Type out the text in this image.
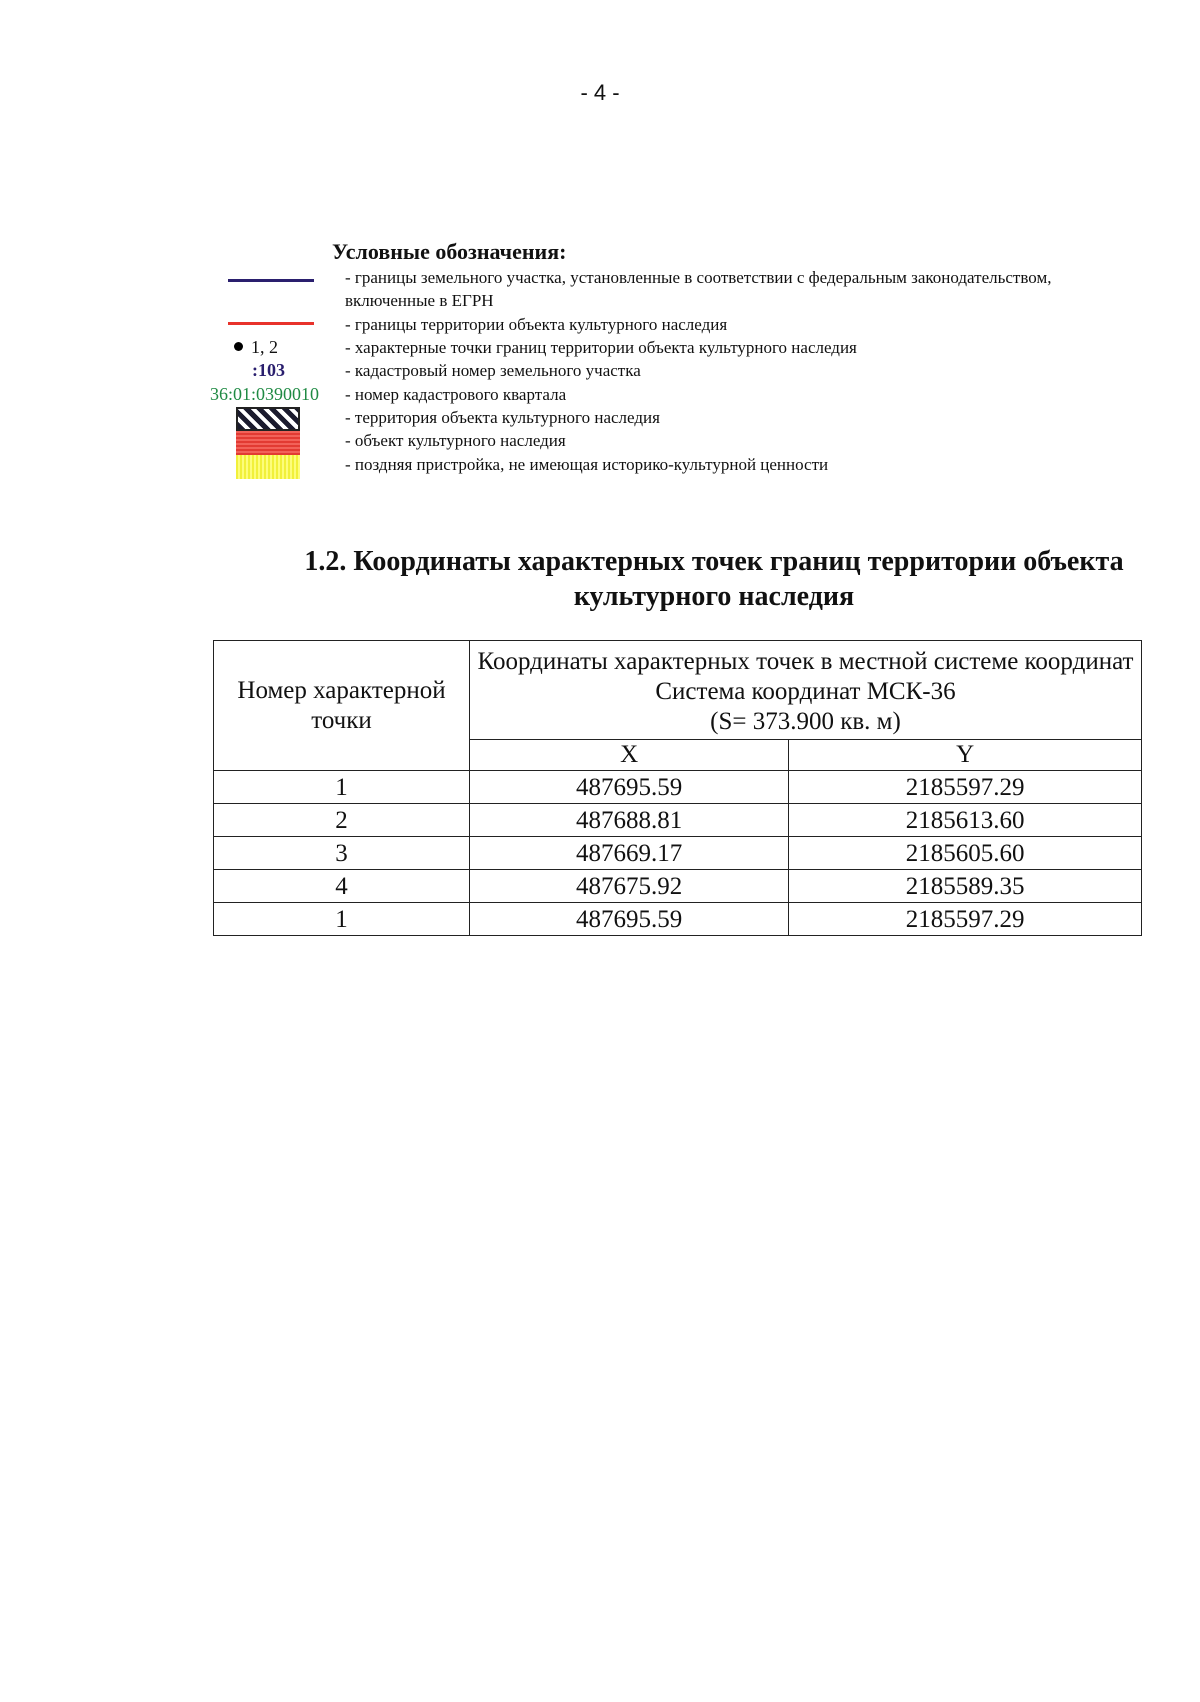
- 4 -
Условные обозначения:
1, 2
:103
36:01:0390010
- границы земельного участка, установленные в соответствии с федеральным законодательством, включенные в ЕГРН
- границы территории объекта культурного наследия
- характерные точки границ территории объекта культурного наследия
- кадастровый номер земельного участка
- номер кадастрового квартала
- территория объекта культурного наследия
- объект культурного наследия
- поздняя пристройка, не имеющая историко-культурной ценности
1.2. Координаты характерных точек границ территории объекта
культурного наследия
Номер характерной точки	Координаты характерных точек в местной системе координат
Система координат МСК-36
(S= 373.900 кв. м)	

	X	Y
1	487695.59	2185597.29
2	487688.81	2185613.60
3	487669.17	2185605.60
4	487675.92	2185589.35
1	487695.59	2185597.29
